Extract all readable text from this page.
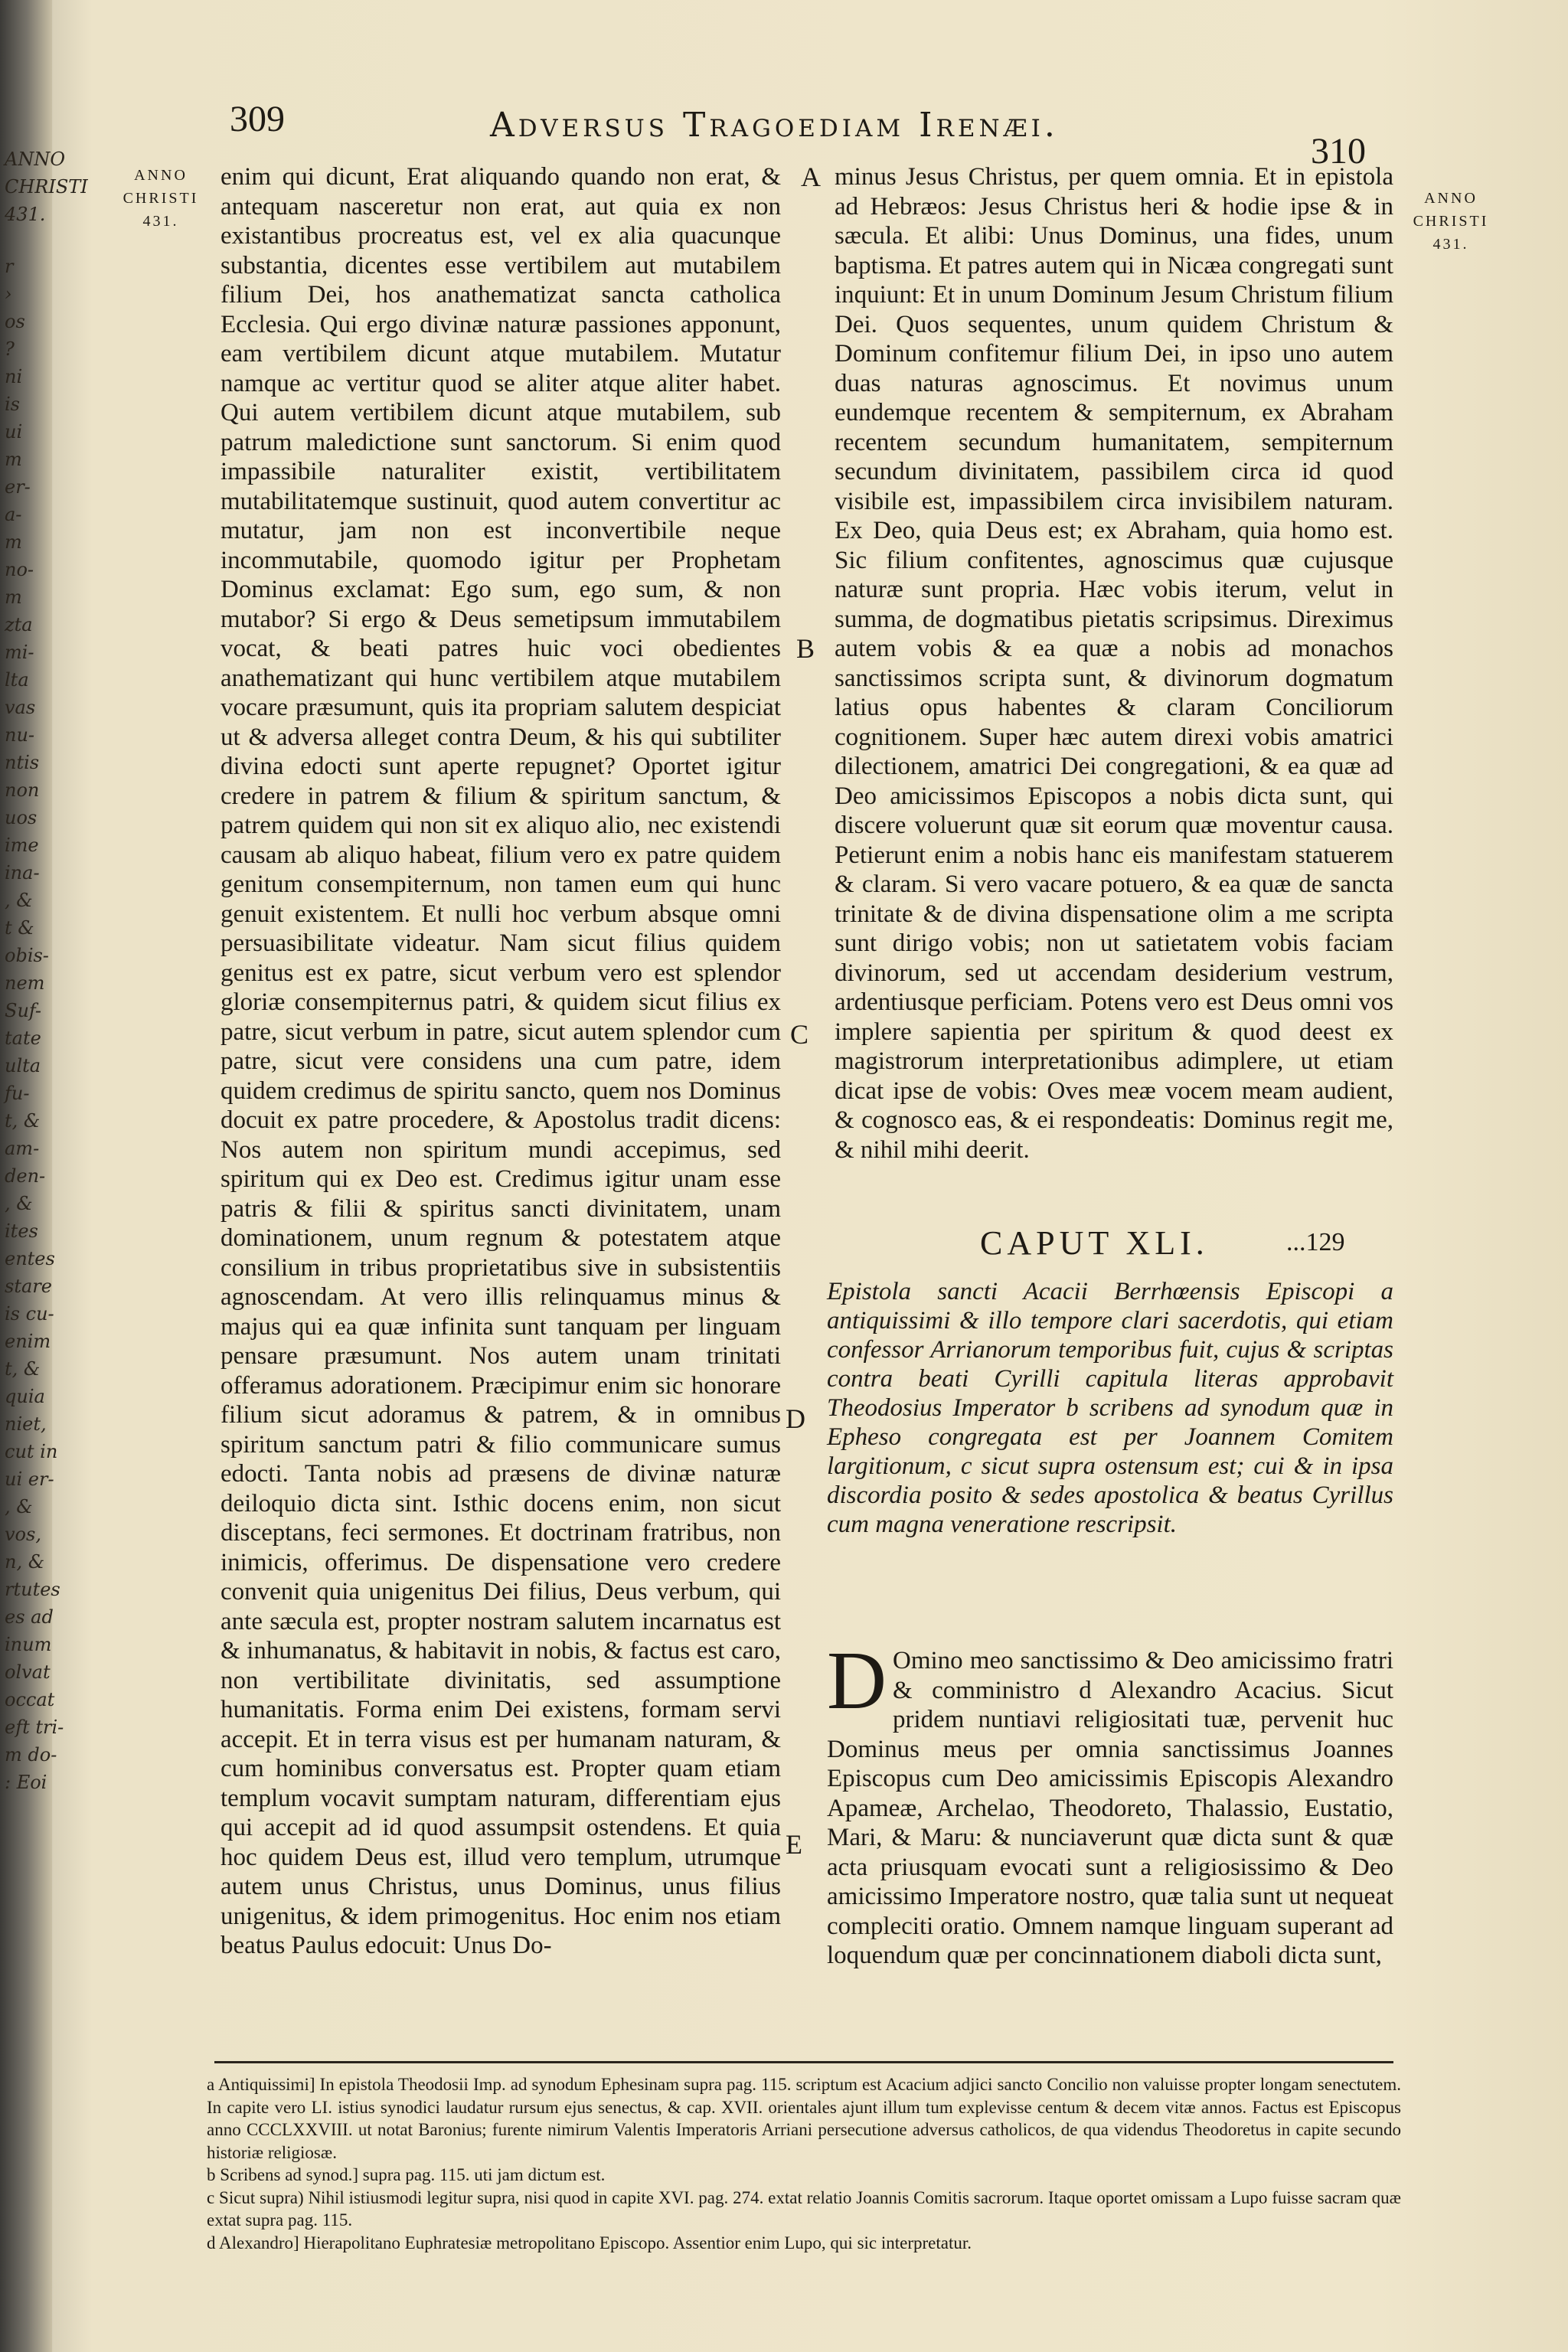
ANNO
CHRISTI
431.
r
›
os
?
ni
is
ui
m
er-
a-
m
no-
m
zta
mi-
lta
vas
nu-
ntis
non
uos
ime
ina-
, &
t &
obis-
nem
Suf-
tate
ulta
fu-
t, &
am-
den-
, &
ites
entes
stare
is cu-
enim
t, &
quia
niet,
cut in
ui er-
, &
vos,
n, &
rtutes
es ad
inum
olvat
occat
eft tri-
m do-
: Eoi
309	Adversus Tragoediam Irenæi.
310
ANNO
CHRISTI
431.
ANNO
CHRISTI
431.
A
B
C
D
E

enim qui dicunt, Erat aliquando quando non erat, & antequam nasceretur non erat, aut quia ex non existantibus procreatus est, vel ex alia quacunque substantia, dicentes esse vertibilem aut mutabilem filium Dei, hos anathematizat sancta catholica Ecclesia. Qui ergo divinæ naturæ passiones apponunt, eam vertibilem dicunt atque mutabilem. Mutatur namque ac vertitur quod se aliter atque aliter habet. Qui autem vertibilem dicunt atque mutabilem, sub patrum maledictione sunt sanctorum. Si enim quod impassibile naturaliter existit, vertibilitatem mutabilitatemque sustinuit, quod autem convertitur ac mutatur, jam non est inconvertibile neque incommutabile, quomodo igitur per Prophetam Dominus exclamat: Ego sum, ego sum, & non mutabor? Si ergo & Deus semetipsum immutabilem vocat, & beati patres huic voci obedientes anathematizant qui hunc vertibilem atque mutabilem vocare præsumunt, quis ita propriam salutem despiciat ut & adversa alleget contra Deum, & his qui subtiliter divina edocti sunt aperte repugnet? Oportet igitur credere in patrem & filium & spiritum sanctum, & patrem quidem qui non sit ex aliquo alio, nec existendi causam ab aliquo habeat, filium vero ex patre quidem genitum consempiternum, non tamen eum qui hunc genuit existentem. Et nulli hoc verbum absque omni persuasibilitate videatur. Nam sicut filius quidem genitus est ex patre, sicut verbum vero est splendor gloriæ consempiternus patri, & quidem sicut filius ex patre, sicut verbum in patre, sicut autem splendor cum patre, sicut vere considens una cum patre, idem quidem credimus de spiritu sancto, quem nos Dominus docuit ex patre procedere, & Apostolus tradit dicens: Nos autem non spiritum mundi accepimus, sed spiritum qui ex Deo est. Credimus igitur unam esse patris & filii & spiritus sancti divinitatem, unam dominationem, unum regnum & potestatem atque consilium in tribus proprietatibus sive in subsistentiis agnoscendam. At vero illis relinquamus minus & majus qui ea quæ infinita sunt tanquam per linguam pensare præsumunt. Nos autem unam trinitati offeramus adorationem. Præcipimur enim sic honorare filium sicut adoramus & patrem, & in omnibus spiritum sanctum patri & filio communicare sumus edocti. Tanta nobis ad præsens de divinæ naturæ deiloquio dicta sint. Isthic docens enim, non sicut disceptans, feci sermones. Et doctrinam fratribus, non inimicis, offerimus. De dispensatione vero credere convenit quia unigenitus Dei filius, Deus verbum, qui ante sæcula est, propter nostram salutem incarnatus est & inhumanatus, & habitavit in nobis, & factus est caro, non vertibilitate divinitatis, sed assumptione humanitatis. Forma enim Dei existens, formam servi accepit. Et in terra visus est per humanam naturam, & cum hominibus conversatus est. Propter quam etiam templum vocavit sumptam naturam, differentiam ejus qui accepit ad id quod assumpsit ostendens. Et quia hoc quidem Deus est, illud vero templum, utrumque autem unus Christus, unus Dominus, unus filius unigenitus, & idem primogenitus. Hoc enim nos etiam beatus Paulus edocuit: Unus Do-

minus Jesus Christus, per quem omnia. Et in epistola ad Hebræos: Jesus Christus heri & hodie ipse & in sæcula. Et alibi: Unus Dominus, una fides, unum baptisma. Et patres autem qui in Nicæa congregati sunt inquiunt: Et in unum Dominum Jesum Christum filium Dei. Quos sequentes, unum quidem Christum & Dominum confitemur filium Dei, in ipso uno autem duas naturas agnoscimus. Et novimus unum eundemque recentem & sempiternum, ex Abraham recentem secundum humanitatem, sempiternum secundum divinitatem, passibilem circa id quod visibile est, impassibilem circa invisibilem naturam. Ex Deo, quia Deus est; ex Abraham, quia homo est. Sic filium confitentes, agnoscimus quæ cujusque naturæ sunt propria. Hæc vobis iterum, velut in summa, de dogmatibus pietatis scripsimus. Direximus autem vobis & ea quæ a nobis ad monachos sanctissimos scripta sunt, & divinorum dogmatum latius opus habentes & claram Conciliorum cognitionem. Super hæc autem direxi vobis amatrici dilectionem, amatrici Dei congregationi, & ea quæ ad Deo amicissimos Episcopos a nobis dicta sunt, qui discere voluerunt quæ sit eorum quæ moventur causa. Petierunt enim a nobis hanc eis manifestam statuerem & claram. Si vero vacare potuero, & ea quæ de sancta trinitate & de divina dispensatione olim a me scripta sunt dirigo vobis; non ut satietatem vobis faciam divinorum, sed ut accendam desiderium vestrum, ardentiusque perficiam. Potens vero est Deus omni vos implere sapientia per spiritum & quod deest ex magistrorum interpretationibus adimplere, ut etiam dicat ipse de vobis: Oves meæ vocem meam audient, & cognosco eas, & ei respondeatis: Dominus regit me, & nihil mihi deerit.

CAPUT XLI.	...129
Epistola sancti Acacii Berrhœensis Episcopi a antiquissimi & illo tempore clari sacerdotis, qui etiam confessor Arrianorum temporibus fuit, cujus & scriptas contra beati Cyrilli capitula literas approbavit Theodosius Imperator b scribens ad synodum quæ in Epheso congregata est per Joannem Comitem largitionum, c sicut supra ostensum est; cui & in ipsa discordia posito & sedes apostolica & beatus Cyrillus cum magna veneratione rescripsit.
D Omino meo sanctissimo & Deo amicissimo fratri & comministro d Alexandro Acacius. Sicut pridem nuntiavi religiositati tuæ, pervenit huc Dominus meus per omnia sanctissimus Joannes Episcopus cum Deo amicissimis Episcopis Alexandro Apameæ, Archelao, Theodoreto, Thalassio, Eustatio, Mari, & Maru: & nunciaverunt quæ dicta sunt & quæ acta priusquam evocati sunt a religiosissimo & Deo amicissimo Imperatore nostro, quæ talia sunt ut nequeat compleciti oratio. Omnem namque linguam superant ad loquendum quæ per concinnationem diaboli dicta sunt,

a Antiquissimi] In epistola Theodosii Imp. ad synodum Ephesinam supra pag. 115. scriptum est Acacium adjici sancto Concilio non valuisse propter longam senectutem. In capite vero LI. istius synodici laudatur rursum ejus senectus, & cap. XVII. orientales ajunt illum tum explevisse centum & decem vitæ annos. Factus est Episcopus anno CCCLXXVIII. ut notat Baronius; furente nimirum Valentis Imperatoris Arriani persecutione adversus catholicos, de qua videndus Theodoretus in capite secundo historiæ religiosæ.

b Scribens ad synod.] supra pag. 115. uti jam dictum est.

c Sicut supra) Nihil istiusmodi legitur supra, nisi quod in capite XVI. pag. 274. extat relatio Joannis Comitis sacrorum. Itaque oportet omissam a Lupo fuisse sacram quæ extat supra pag. 115.

d Alexandro] Hierapolitano Euphratesiæ metropolitano Episcopo. Assentior enim Lupo, qui sic interpretatur.
